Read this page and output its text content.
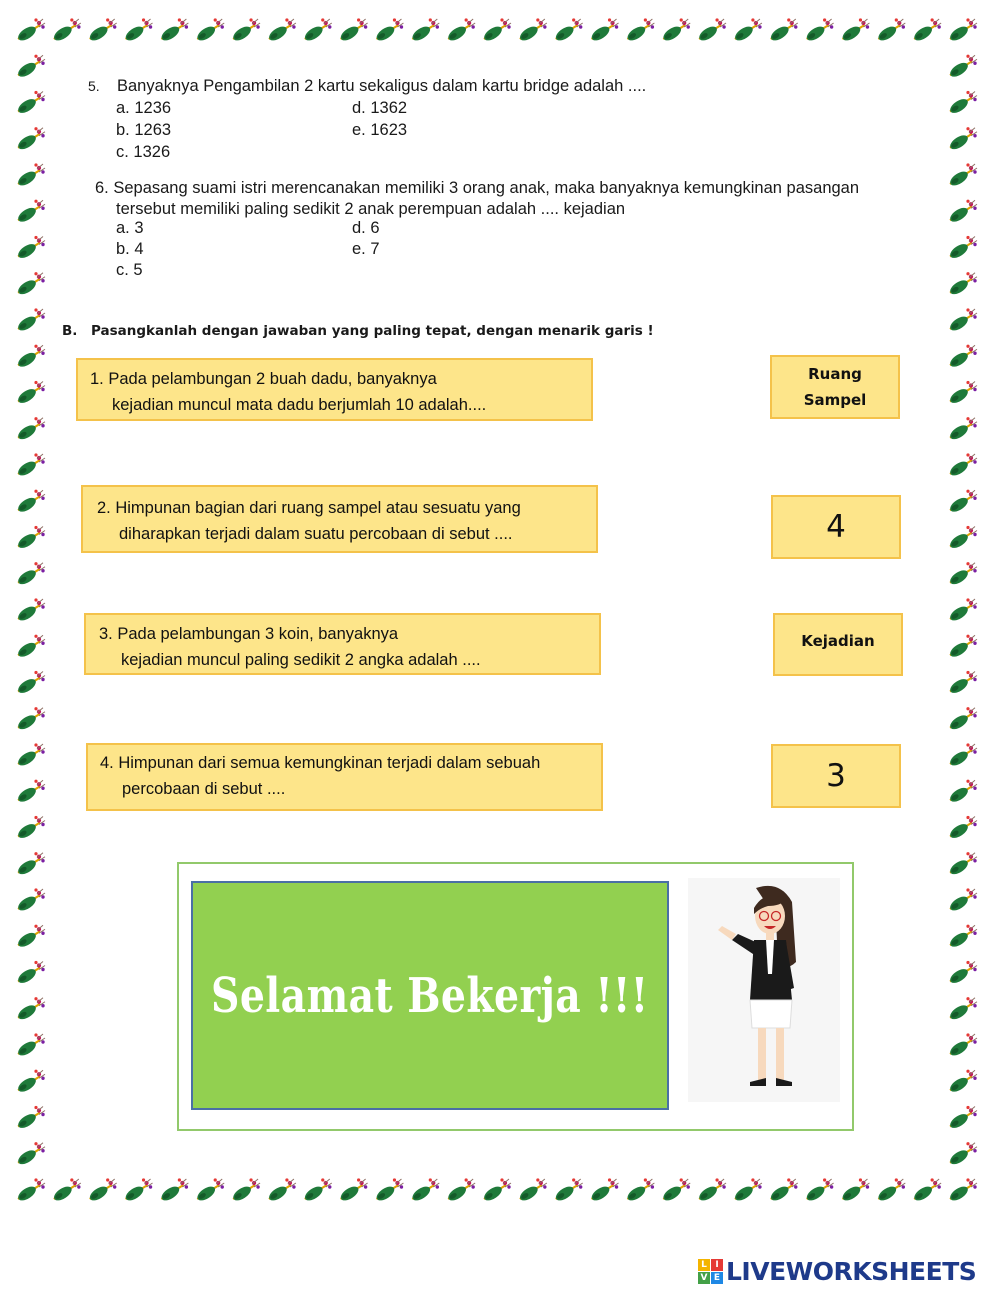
5. Banyaknya Pengambilan 2 kartu sekaligus dalam kartu bridge adalah ....
a. 1236
b. 1263
c. 1326
d. 1362
e. 1623
6. Sepasang suami istri merencanakan memiliki 3 orang anak, maka banyaknya kemungkinan pasangan
tersebut memiliki paling sedikit 2 anak perempuan adalah .... kejadian
a. 3
b. 4
c. 5
d. 6
e. 7
B. Pasangkanlah dengan jawaban yang paling tepat, dengan menarik garis !
1. Pada pelambungan 2 buah dadu, banyaknya
kejadian muncul mata dadu berjumlah 10 adalah....
2. Himpunan bagian dari ruang sampel atau sesuatu yang
diharapkan terjadi dalam suatu percobaan di sebut ....
3. Pada pelambungan 3 koin, banyaknya
kejadian muncul paling sedikit 2 angka adalah ....
4. Himpunan dari semua kemungkinan terjadi dalam sebuah
percobaan di sebut ....
Ruang
Sampel
4
Kejadian
3
Selamat Bekerja !!!
L I
V E LIVEWORKSHEETS
